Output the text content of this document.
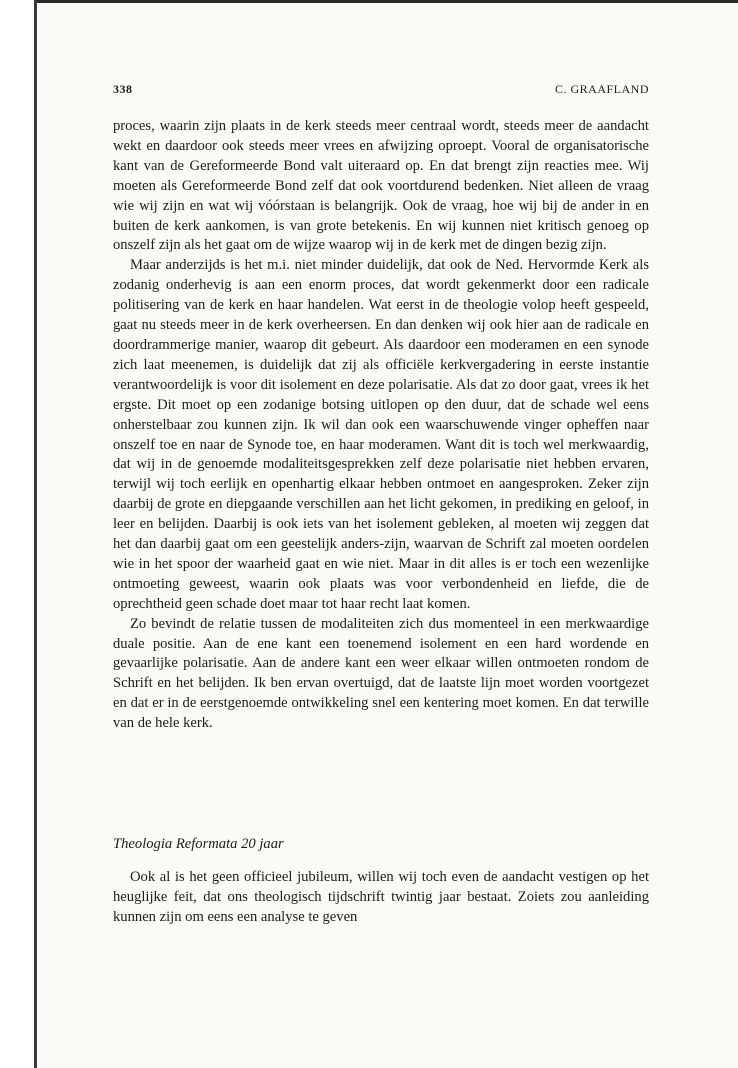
338	C. GRAAFLAND

proces, waarin zijn plaats in de kerk steeds meer centraal wordt, steeds meer de aandacht wekt en daardoor ook steeds meer vrees en afwijzing oproept. Vooral de organisatorische kant van de Gereformeerde Bond valt uiteraard op. En dat brengt zijn reacties mee. Wij moeten als Gereformeerde Bond zelf dat ook voortdurend bedenken. Niet alleen de vraag wie wij zijn en wat wij vóórstaan is belangrijk. Ook de vraag, hoe wij bij de ander in en buiten de kerk aankomen, is van grote betekenis. En wij kunnen niet kritisch genoeg op onszelf zijn als het gaat om de wijze waarop wij in de kerk met de dingen bezig zijn.

Maar anderzijds is het m.i. niet minder duidelijk, dat ook de Ned. Hervormde Kerk als zodanig onderhevig is aan een enorm proces, dat wordt gekenmerkt door een radicale politisering van de kerk en haar handelen. Wat eerst in de theologie volop heeft gespeeld, gaat nu steeds meer in de kerk overheersen. En dan denken wij ook hier aan de radicale en doordrammerige manier, waarop dit gebeurt. Als daardoor een moderamen en een synode zich laat meenemen, is duidelijk dat zij als officiële kerkvergadering in eerste instantie verantwoordelijk is voor dit isolement en deze polarisatie. Als dat zo door gaat, vrees ik het ergste. Dit moet op een zodanige botsing uitlopen op den duur, dat de schade wel eens onherstelbaar zou kunnen zijn. Ik wil dan ook een waarschuwende vinger opheffen naar onszelf toe en naar de Synode toe, en haar moderamen. Want dit is toch wel merkwaardig, dat wij in de genoemde modaliteitsgesprekken zelf deze polarisatie niet hebben ervaren, terwijl wij toch eerlijk en openhartig elkaar hebben ontmoet en aangesproken. Zeker zijn daarbij de grote en diepgaande verschillen aan het licht gekomen, in prediking en geloof, in leer en belijden. Daarbij is ook iets van het isolement gebleken, al moeten wij zeggen dat het dan daarbij gaat om een geestelijk anders-zijn, waarvan de Schrift zal moeten oordelen wie in het spoor der waarheid gaat en wie niet. Maar in dit alles is er toch een wezenlijke ontmoeting geweest, waarin ook plaats was voor verbondenheid en liefde, die de oprechtheid geen schade doet maar tot haar recht laat komen.

Zo bevindt de relatie tussen de modaliteiten zich dus momenteel in een merkwaardige duale positie. Aan de ene kant een toenemend isolement en een hard wordende en gevaarlijke polarisatie. Aan de andere kant een weer elkaar willen ontmoeten rondom de Schrift en het belijden. Ik ben ervan overtuigd, dat de laatste lijn moet worden voortgezet en dat er in de eerstgenoemde ontwikkeling snel een kentering moet komen. En dat terwille van de hele kerk.

Theologia Reformata 20 jaar

Ook al is het geen officieel jubileum, willen wij toch even de aandacht vestigen op het heuglijke feit, dat ons theologisch tijdschrift twintig jaar bestaat. Zoiets zou aanleiding kunnen zijn om eens een analyse te geven
